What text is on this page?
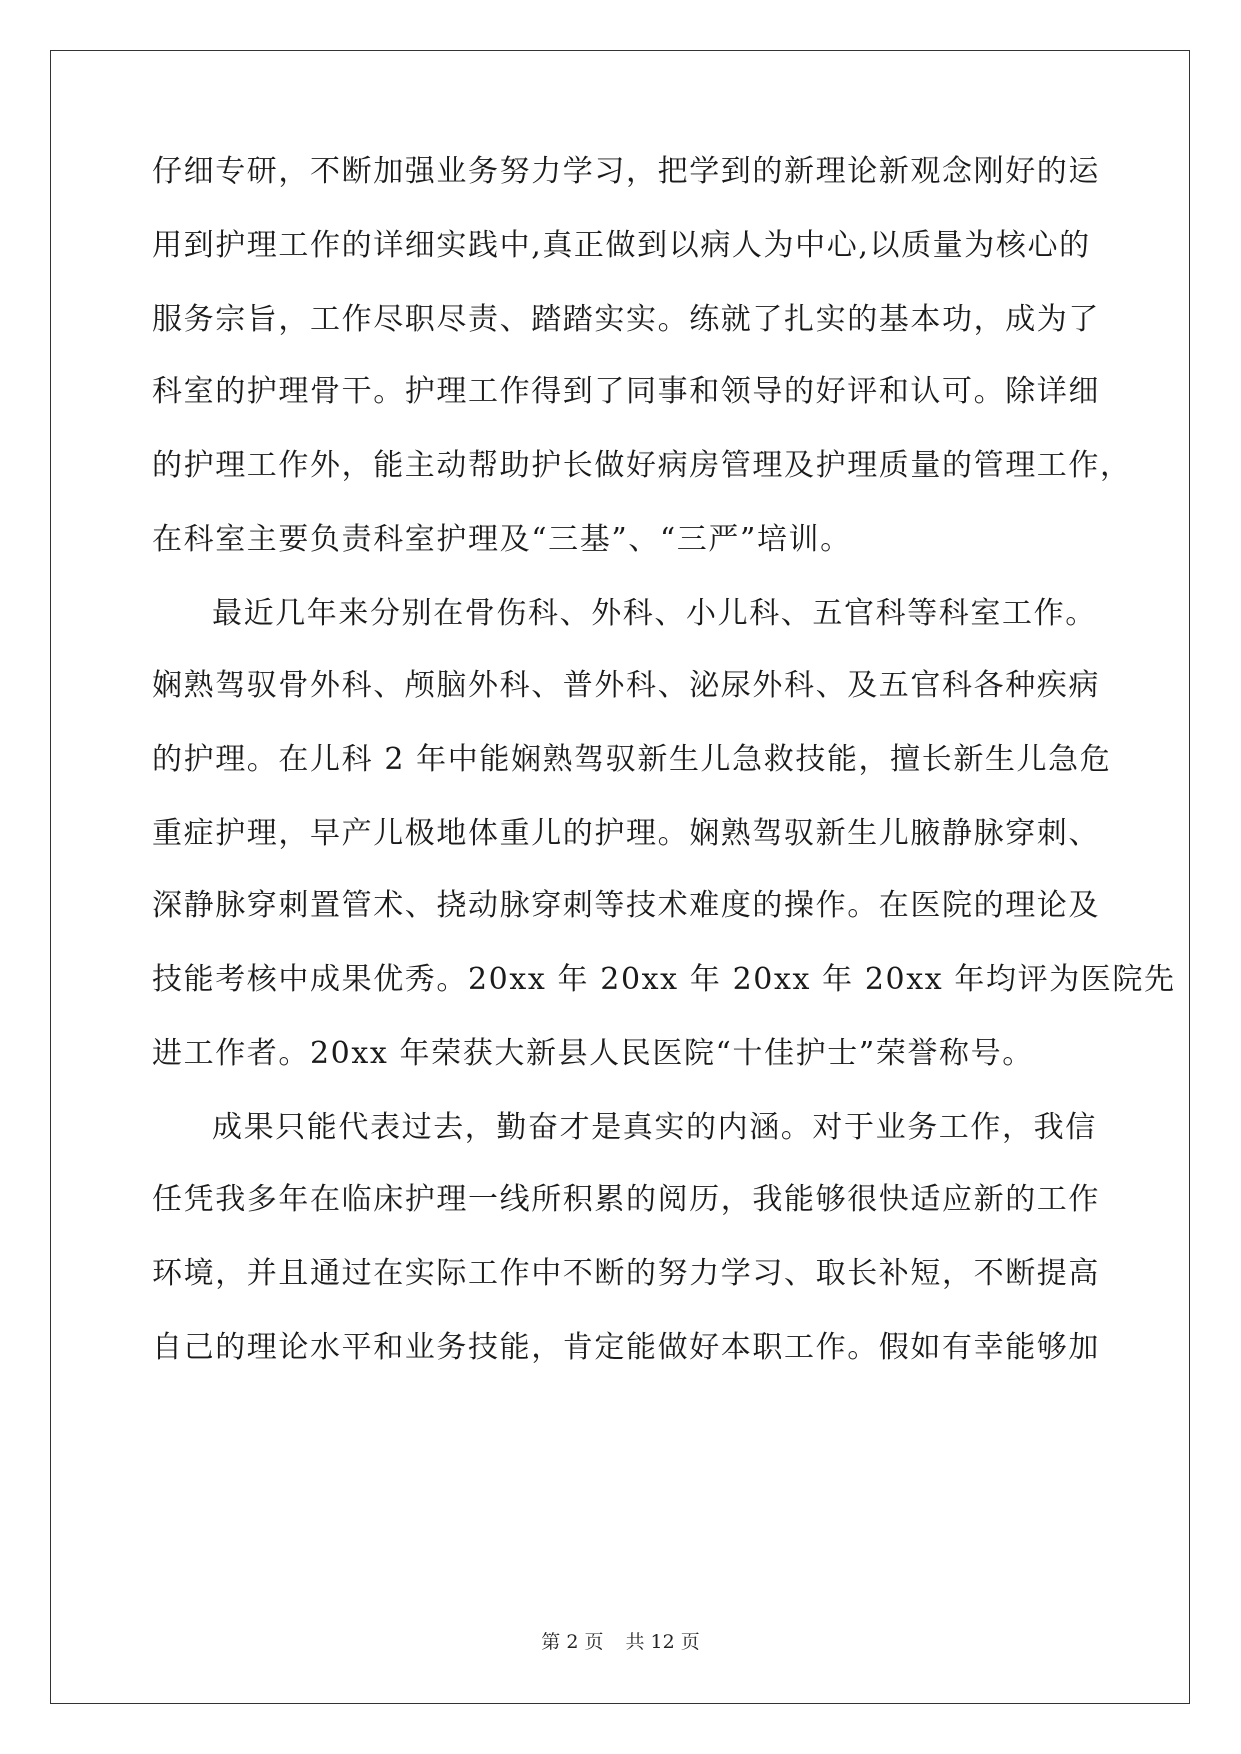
仔细专研，不断加强业务努力学习，把学到的新理论新观念刚好的运
用到护理工作的详细实践中,真正做到以病人为中心,以质量为核心的
服务宗旨，工作尽职尽责、踏踏实实。练就了扎实的基本功，成为了
科室的护理骨干。护理工作得到了同事和领导的好评和认可。除详细
的护理工作外，能主动帮助护长做好病房管理及护理质量的管理工作，
在科室主要负责科室护理及“三基”、“三严”培训。
最近几年来分别在骨伤科、外科、小儿科、五官科等科室工作。
娴熟驾驭骨外科、颅脑外科、普外科、泌尿外科、及五官科各种疾病
的护理。在儿科 2 年中能娴熟驾驭新生儿急救技能，擅长新生儿急危
重症护理，早产儿极地体重儿的护理。娴熟驾驭新生儿腋静脉穿刺、
深静脉穿刺置管术、挠动脉穿刺等技术难度的操作。在医院的理论及
技能考核中成果优秀。20xx 年 20xx 年 20xx 年 20xx 年均评为医院先
进工作者。20xx 年荣获大新县人民医院“十佳护士”荣誉称号。
成果只能代表过去，勤奋才是真实的内涵。对于业务工作，我信
任凭我多年在临床护理一线所积累的阅历，我能够很快适应新的工作
环境，并且通过在实际工作中不断的努力学习、取长补短，不断提高
自己的理论水平和业务技能，肯定能做好本职工作。假如有幸能够加
第 2 页 共 12 页
